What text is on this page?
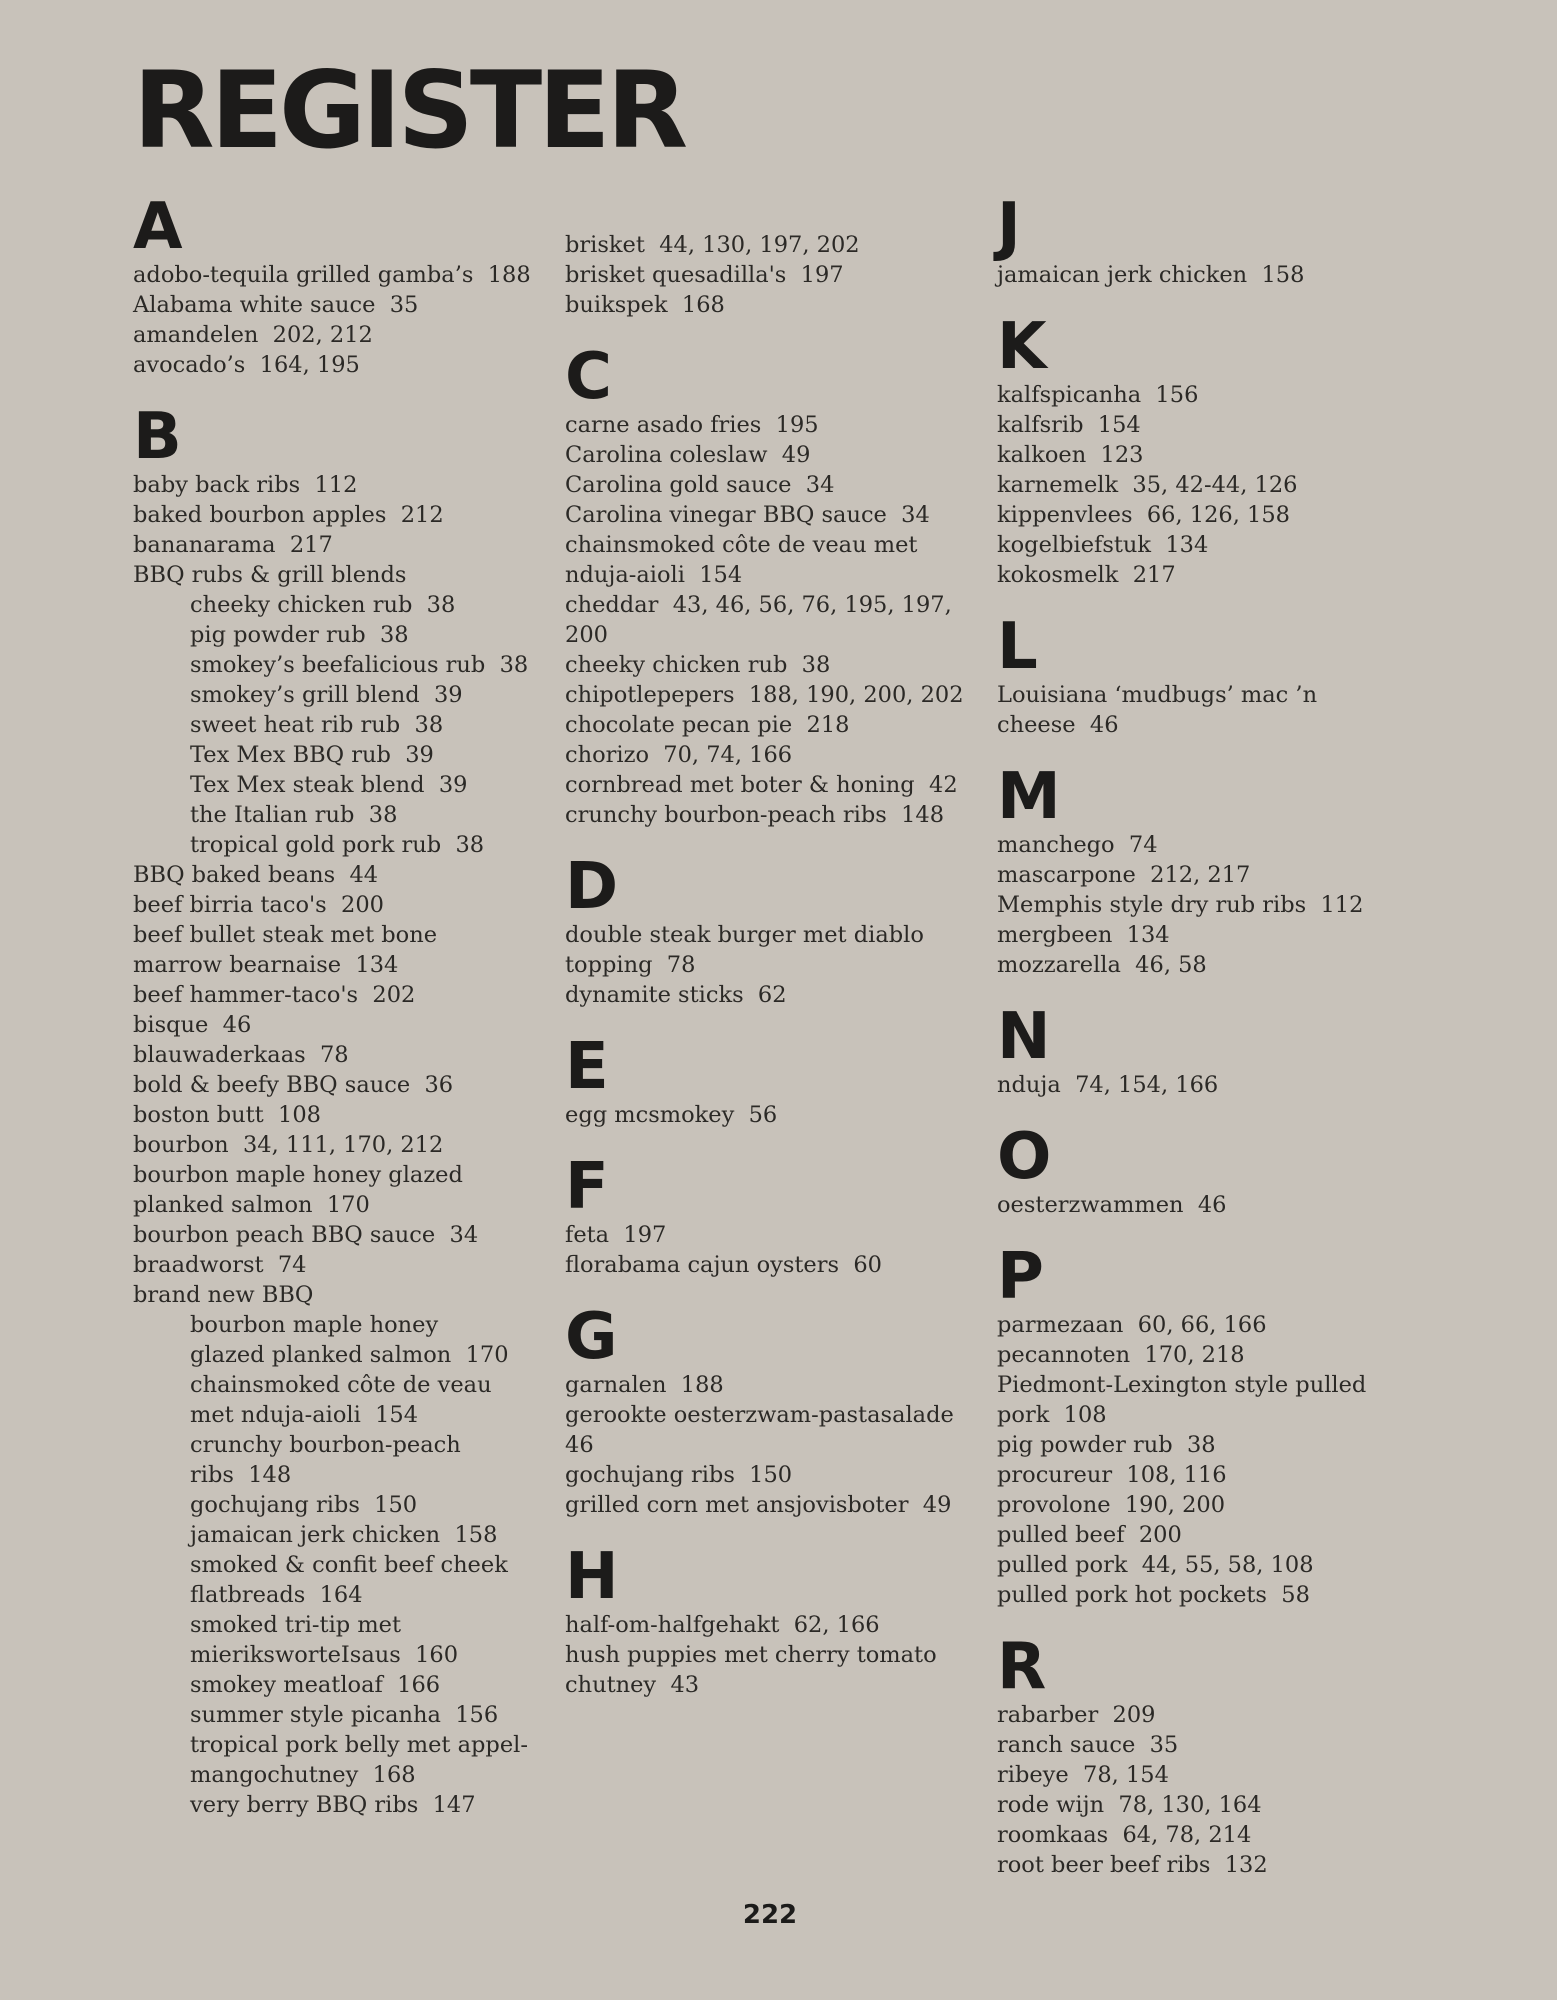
REGISTER
A
adobo-tequila grilled gamba’s  188
Alabama white sauce  35
amandelen  202, 212
avocado’s  164, 195
B
baby back ribs  112
baked bourbon apples  212
bananarama  217
BBQ rubs & grill blends
cheeky chicken rub  38
pig powder rub  38
smokey’s beefalicious rub  38
smokey’s grill blend  39
sweet heat rib rub  38
Tex Mex BBQ rub  39
Tex Mex steak blend  39
the Italian rub  38
tropical gold pork rub  38
BBQ baked beans  44
beef birria taco's  200
beef bullet steak met bone
marrow bearnaise  134
beef hammer-taco's  202
bisque  46
blauwaderkaas  78
bold & beefy BBQ sauce  36
boston butt  108
bourbon  34, 111, 170, 212
bourbon maple honey glazed
planked salmon  170
bourbon peach BBQ sauce  34
braadworst  74
brand new BBQ
bourbon maple honey
glazed planked salmon  170
chainsmoked côte de veau
met nduja-aioli  154
crunchy bourbon-peach
ribs  148
gochujang ribs  150
jamaican jerk chicken  158
smoked & confit beef cheek
flatbreads  164
smoked tri-tip met
mieriksworteIsaus  160
smokey meatloaf  166
summer style picanha  156
tropical pork belly met appel-
mangochutney  168
very berry BBQ ribs  147
brisket  44, 130, 197, 202
brisket quesadilla's  197
buikspek  168
C
carne asado fries  195
Carolina coleslaw  49
Carolina gold sauce  34
Carolina vinegar BBQ sauce  34
chainsmoked côte de veau met
nduja-aioli  154
cheddar  43, 46, 56, 76, 195, 197,
200
cheeky chicken rub  38
chipotlepepers  188, 190, 200, 202
chocolate pecan pie  218
chorizo  70, 74, 166
cornbread met boter & honing  42
crunchy bourbon-peach ribs  148
D
double steak burger met diablo
topping  78
dynamite sticks  62
E
egg mcsmokey  56
F
feta  197
florabama cajun oysters  60
G
garnalen  188
gerookte oesterzwam-pastasalade
46
gochujang ribs  150
grilled corn met ansjovisboter  49
H
half-om-halfgehakt  62, 166
hush puppies met cherry tomato
chutney  43
J
jamaican jerk chicken  158
K
kalfspicanha  156
kalfsrib  154
kalkoen  123
karnemelk  35, 42-44, 126
kippenvlees  66, 126, 158
kogelbiefstuk  134
kokosmelk  217
L
Louisiana ‘mudbugs’ mac ’n
cheese  46
M
manchego  74
mascarpone  212, 217
Memphis style dry rub ribs  112
mergbeen  134
mozzarella  46, 58
N
nduja  74, 154, 166
O
oesterzwammen  46
P
parmezaan  60, 66, 166
pecannoten  170, 218
Piedmont-Lexington style pulled
pork  108
pig powder rub  38
procureur  108, 116
provolone  190, 200
pulled beef  200
pulled pork  44, 55, 58, 108
pulled pork hot pockets  58
R
rabarber  209
ranch sauce  35
ribeye  78, 154
rode wijn  78, 130, 164
roomkaas  64, 78, 214
root beer beef ribs  132
222
